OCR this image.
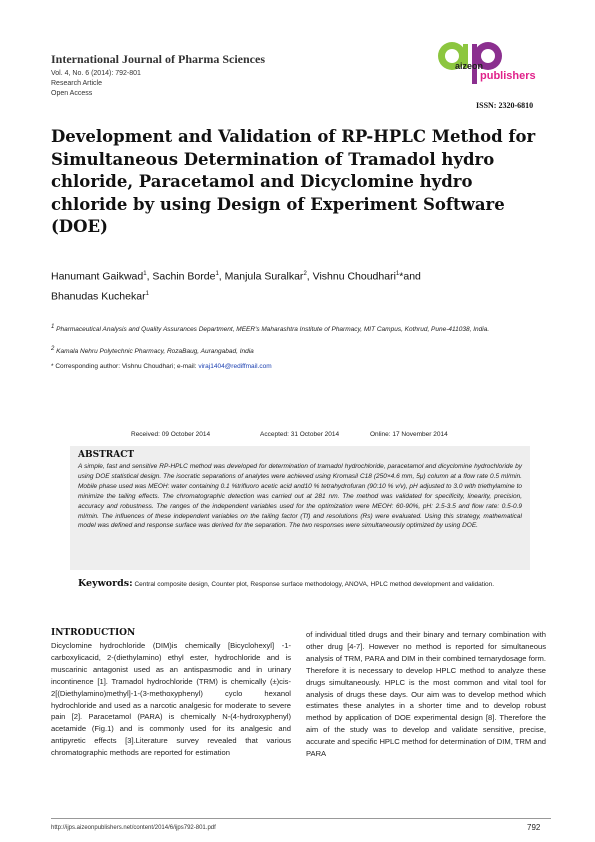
International Journal of Pharma Sciences
Vol. 4, No. 6 (2014): 792-801
Research Article
Open Access
aizeon
publishers
ISSN: 2320-6810
Development and Validation of RP-HPLC Method for Simultaneous Determination of Tramadol hydro chloride, Paracetamol and Dicyclomine hydro chloride by using Design of Experiment Software (DOE)
Hanumant Gaikwad$^1$, Sachin Borde$^1$, Manjula Suralkar$^2$, Vishnu Choudhari$^1$*and
Bhanudas Kuchekar$^1$
$^1$ Pharmaceutical Analysis and Quality Assurances Department, MEER's Maharashtra Institute of Pharmacy, MIT Campus, Kothrud, Pune-411038, India.
$^2$ Kamala Nehru Polytechnic Pharmacy, RozaBaug, Aurangabad, India
* Corresponding author: Vishnu Choudhari; e-mail: viraj1404@rediffmail.com
Received: 09 October 2014	Accepted: 31 October 2014	Online: 17 November 2014
ABSTRACT
A simple, fast and sensitive RP-HPLC method was developed for determination of tramadol hydrochloride, paracetamol and dicyclomine hydrochloride by using DOE statistical design. The isocratic separations of analytes were achieved using Kromasil C18 (250×4.6 mm, 5μ) column at a flow rate 0.5 ml/min. Mobile phase used was MEOH: water containing 0.1 %trifluoro acetic acid and10 % tetrahydrofuran (90:10 % v/v), pH adjusted to 3.0 with triethylamine to minimize the tailing effects. The chromatographic detection was carried out at 281 nm. The method was validated for specificity, linearity, precision, accuracy and robustness. The ranges of the independent variables used for the optimization were MEOH: 60-90%, pH: 2.5-3.5 and flow rate: 0.5-0.9 ml/min. The influences of these independent variables on the tailing factor (Tf) and resolutions (Rs) were evaluated. Using this strategy, mathematical model was defined and response surface was derived for the separation. The two responses were simultaneously optimized by using DOE.
Keywords: Central composite design, Counter plot, Response surface methodology, ANOVA, HPLC method development and validation.
INTRODUCTION
Dicyclomine hydrochloride (DIM)is chemically [Bicyclohexyl] -1-carboxylicacid, 2-(diethylamino) ethyl ester, hydrochloride and is muscarinic antagonist used as an antispasmodic and in urinary incontinence [1]. Tramadol hydrochloride (TRM) is chemically (±)cis-2[(Diethylamino)methyl]-1-(3-methoxyphenyl) cyclo hexanol hydrochloride and used as a narcotic analgesic for moderate to severe pain [2]. Paracetamol (PARA) is chemically N-(4-hydroxyphenyl) acetamide (Fig.1) and is commonly used for its analgesic and antipyretic effects [3].Literature survey revealed that various chromatographic methods are reported for estimation
of individual titled drugs and their binary and ternary combination with other drug [4-7]. However no method is reported for simultaneous analysis of TRM, PARA and DIM in their combined ternarydosage form. Therefore it is necessary to develop HPLC method to analyze these drugs simultaneously. HPLC is the most common and vital tool for analysis of drugs these days. Our aim was to develop method which estimates these analytes in a shorter time and to develop robust method by application of DOE experimental design [8]. Therefore the aim of the study was to develop and validate sensitive, precise, accurate and specific HPLC method for determination of DIM, TRM and PARA
http://ijps.aizeonpublishers.net/content/2014/6/ijps792-801.pdf	792
